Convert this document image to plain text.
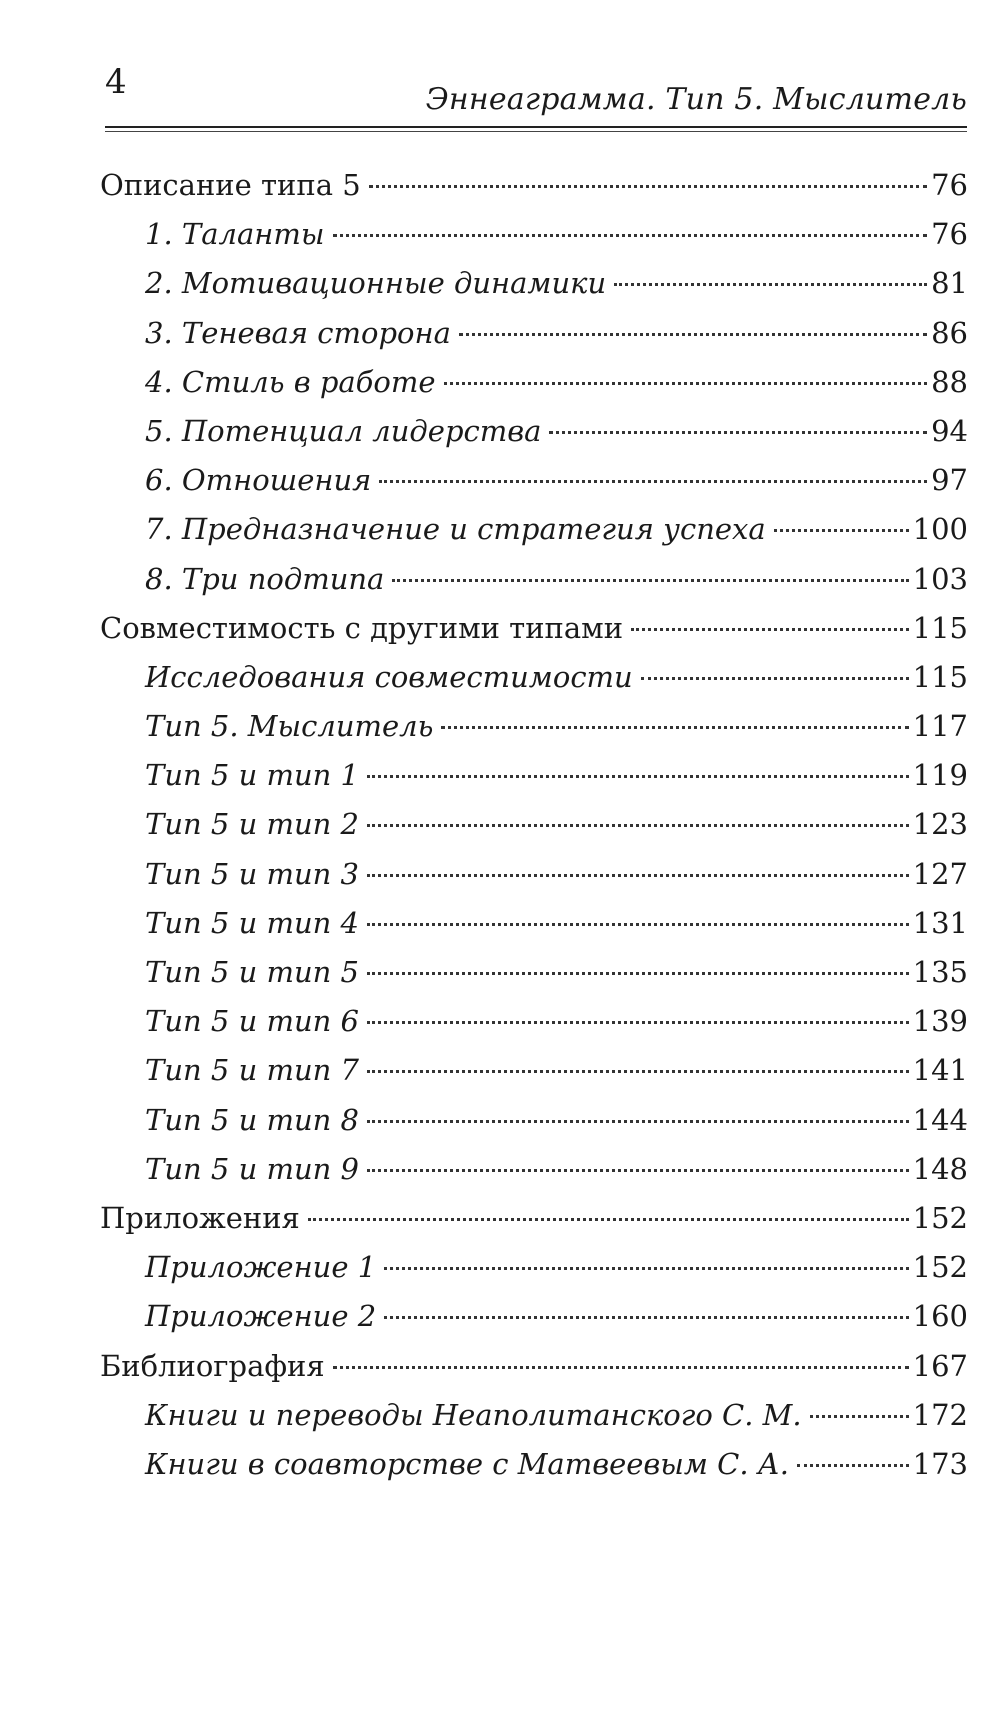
4	Эннеаграмма. Тип 5. Мыслитель
Описание типа 5	76
1. Таланты	76
2. Мотивационные динамики	81
3. Теневая сторона	86
4. Стиль в работе	88
5. Потенциал лидерства	94
6. Отношения	97
7. Предназначение и стратегия успеха	100
8. Три подтипа	103
Совместимость с другими типами	115
Исследования совместимости	115
Тип 5. Мыслитель	117
Тип 5 и тип 1	119
Тип 5 и тип 2	123
Тип 5 и тип 3	127
Тип 5 и тип 4	131
Тип 5 и тип 5	135
Тип 5 и тип 6	139
Тип 5 и тип 7	141
Тип 5 и тип 8	144
Тип 5 и тип 9	148
Приложения	152
Приложение 1	152
Приложение 2	160
Библиография	167
Книги и переводы Неаполитанского С. М.	172
Книги в соавторстве с Матвеевым С. А.	173
